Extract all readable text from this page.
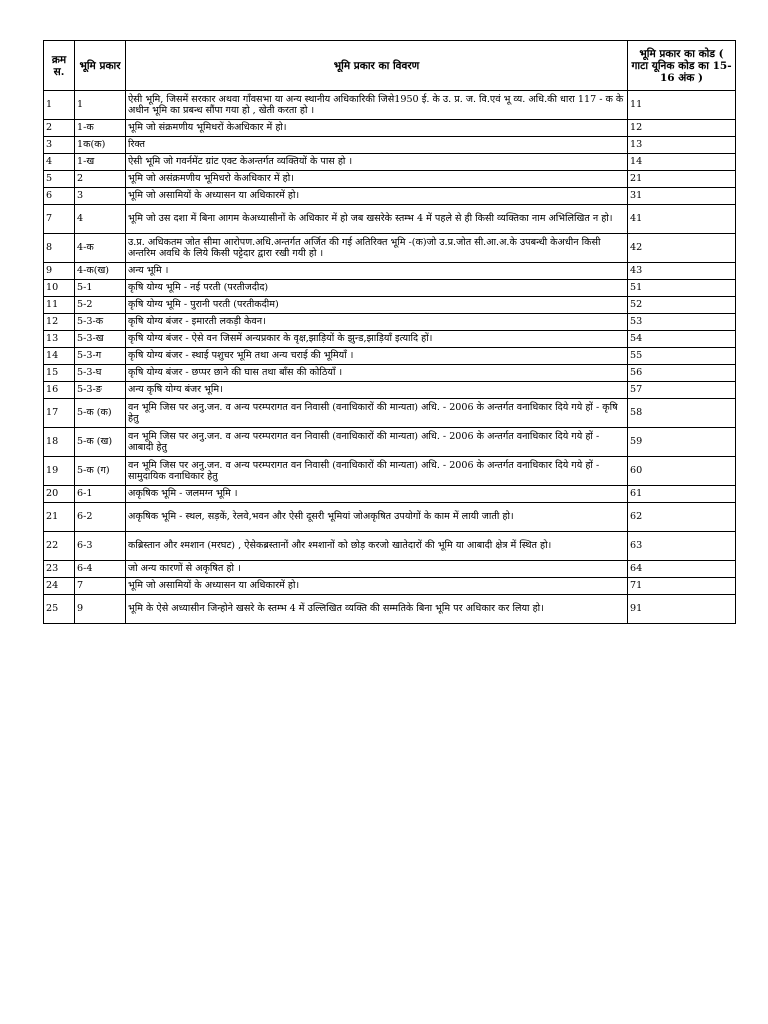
क्रम स.	भूमि प्रकार	भूमि प्रकार का विवरण	भूमि प्रकार का कोड ( गाटा यूनिक कोड का 15-16 अंक )
1	1	ऐसी भूमि, जिसमें सरकार अथवा गाँवसभा या अन्य स्थानीय अधिकारिकी जिसे1950 ई. के उ. प्र. ज. वि.एवं भू व्य. अधि.की धारा 117 - क के अधीन भूमि का प्रबन्ध सौंपा गया हो , खेती करता हो ।	11
2	1-क	भूमि जो संक्रमणीय भूमिधरों केअधिकार में हो।	12
3	1क(क)	रिक्त	13
4	1-ख	ऐसी भूमि जो गवर्नमेंट ग्रांट एक्ट केअन्तर्गत व्यक्तियों के पास हो ।	14
5	2	भूमि जो असंक्रमणीय भूमिधरो केअधिकार में हो।	21
6	3	भूमि जो असामियों के अध्यासन या अधिकारमें हो।	31
7	4	भूमि जो उस दशा में बिना आगम केअध्यासीनों के अधिकार में हो जब खसरेके स्तम्भ 4 में पहले से ही किसी व्यक्तिका नाम अभिलिखित न हो।	41
8	4-क	उ.प्र. अधिकतम जोत सीमा आरोपण.अधि.अन्तर्गत अर्जित की गई अतिरिक्त भूमि -(क)जो उ.प्र.जोत सी.आ.अ.के उपबन्धी केअधीन किसी अन्तरिम अवधि के लिये किसी पट्टेदार द्वारा रखी गयी हो ।	42
9	4-क(ख)	अन्य भूमि ।	43
10	5-1	कृषि योग्य भूमि - नई परती (परतीजदीद)	51
11	5-2	कृषि योग्य भूमि - पुरानी परती (परतीकदीम)	52
12	5-3-क	कृषि योग्य बंजर - इमारती लकड़ी केवन।	53
13	5-3-ख	कृषि योग्य बंजर - ऐसे वन जिसमें अन्यप्रकार के वृक्ष,झाड़ियों के झुन्ड,झाड़ियाँ इत्यादि हों।	54
14	5-3-ग	कृषि योग्य बंजर - स्थाई पशुचर भूमि तथा अन्य चराई की भूमियाँ ।	55
15	5-3-घ	कृषि योग्य बंजर - छप्पर छाने की घास तथा बाँस की कोठियाँ ।	56
16	5-3-ङ	अन्य कृषि योग्य बंजर भूमि।	57
17	5-क (क)	वन भूमि जिस पर अनु.जन. व अन्य परम्परागत वन निवासी (वनाधिकारों की मान्यता) अधि. - 2006 के अन्तर्गत वनाधिकार दिये गये हों - कृषि हेतु	58
18	5-क (ख)	वन भूमि जिस पर अनु.जन. व अन्य परम्परागत वन निवासी (वनाधिकारों की मान्यता) अधि. - 2006 के अन्तर्गत वनाधिकार दिये गये हों - आबादी हेतु	59
19	5-क (ग)	वन भूमि जिस पर अनु.जन. व अन्य परम्परागत वन निवासी (वनाधिकारों की मान्यता) अधि. - 2006 के अन्तर्गत वनाधिकार दिये गये हों - सामुदायिक वनाधिकार हेतु	60
20	6-1	अकृषिक भूमि - जलमग्न भूमि ।	61
21	6-2	अकृषिक भूमि - स्थल, सड़कें, रेलवे,भवन और ऐसी दूसरी भूमियां जोअकृषित उपयोगों के काम में लायी जाती हो।	62
22	6-3	कब्रिस्तान और श्मशान (मरघट) , ऐसेकब्रस्तानों और श्मशानों को छोड़ करजो खातेदारों की भूमि या आबादी क्षेत्र में स्थित हो।	63
23	6-4	जो अन्य कारणों से अकृषित हो ।	64
24	7	भूमि जो असामियों के अध्यासन या अधिकारमें हो।	71
25	9	भूमि के ऐसे अध्यासीन जिन्होने खसरे के स्तम्भ 4 में उल्लिखित व्यक्ति की सम्मतिके बिना भूमि पर अधिकार कर लिया हो।	91
